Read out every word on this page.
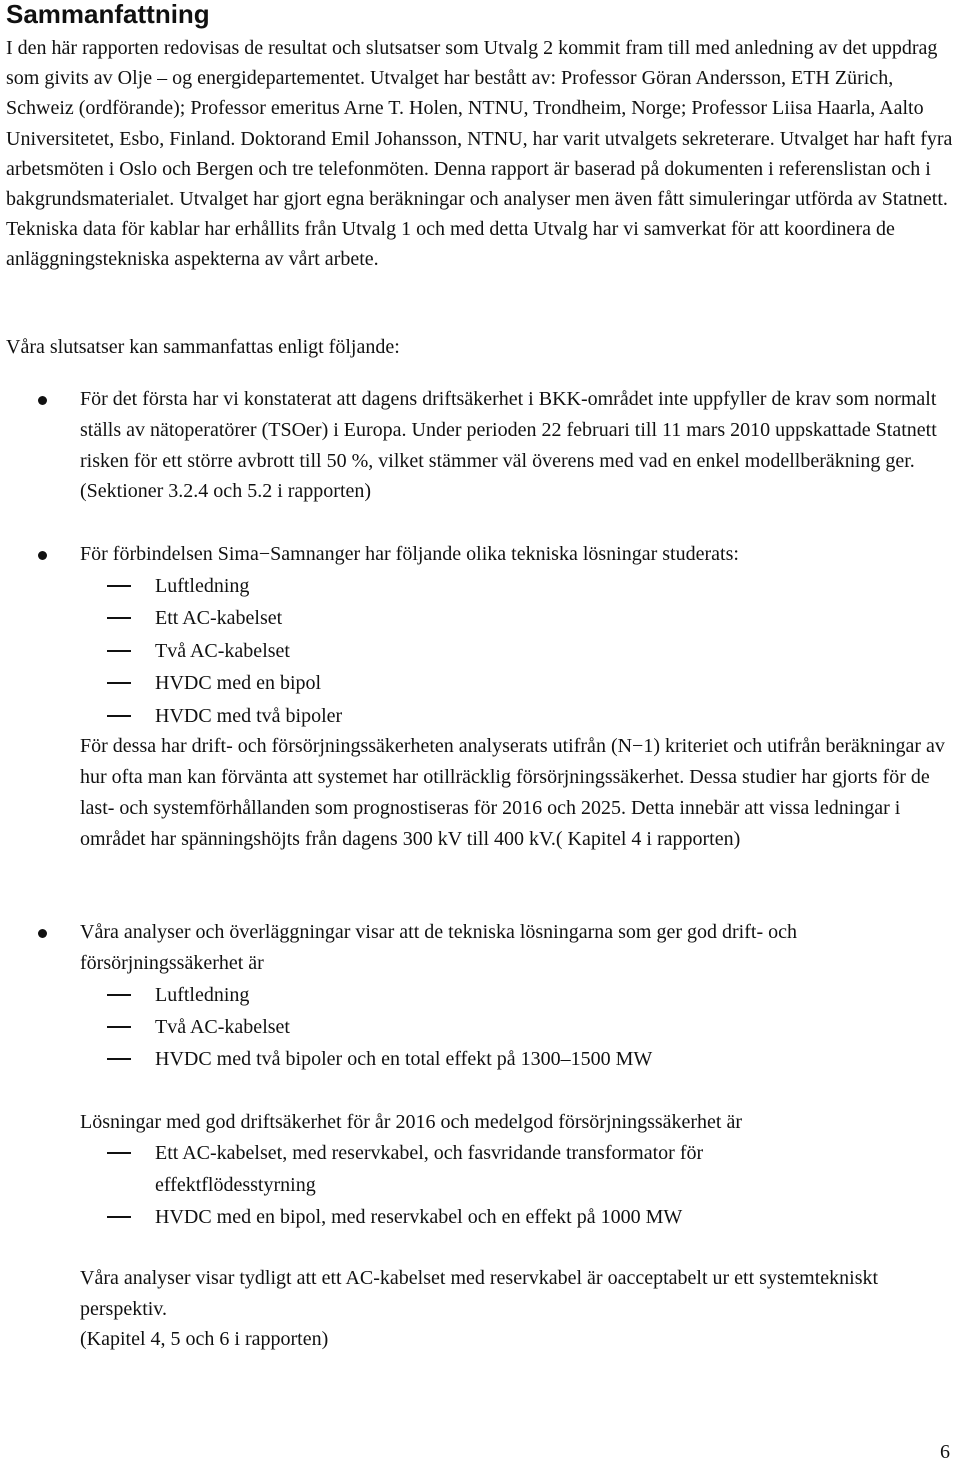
Sammanfattning

I den här rapporten redovisas de resultat och slutsatser som Utvalg 2 kommit fram till med anledning av det uppdrag som givits av Olje – og energidepartementet. Utvalget har bestått av: Professor Göran Andersson, ETH Zürich, Schweiz (ordförande); Professor emeritus Arne T. Holen, NTNU, Trondheim, Norge; Professor Liisa Haarla, Aalto Universitetet, Esbo, Finland. Doktorand Emil Johansson, NTNU, har varit utvalgets sekreterare. Utvalget har haft fyra arbetsmöten i Oslo och Bergen och tre telefonmöten. Denna rapport är baserad på dokumenten i referenslistan och i bakgrundsmaterialet. Utvalget har gjort egna beräkningar och analyser men även fått simuleringar utförda av Statnett. Tekniska data för kablar har erhållits från Utvalg 1 och med detta Utvalg har vi samverkat för att koordinera de anläggningstekniska aspekterna av vårt arbete.

Våra slutsatser kan sammanfattas enligt följande:

För det första har vi konstaterat att dagens driftsäkerhet i BKK-området inte uppfyller de krav som normalt ställs av nätoperatörer (TSOer) i Europa. Under perioden 22 februari till 11 mars 2010 uppskattade Statnett risken för ett större avbrott till 50 %, vilket stämmer väl överens med vad en enkel modellberäkning ger. (Sektioner 3.2.4 och 5.2 i rapporten)

För förbindelsen Sima−Samnanger har följande olika tekniska lösningar studerats:

Luftledning
Ett AC-kabelset
Två AC-kabelset
HVDC med en bipol
HVDC med två bipoler

För dessa har drift- och försörjningssäkerheten analyserats utifrån (N−1) kriteriet och utifrån beräkningar av hur ofta man kan förvänta att systemet har otillräcklig försörjningssäkerhet. Dessa studier har gjorts för de last- och systemförhållanden som prognostiseras för 2016 och 2025. Detta innebär att vissa ledningar i området har spänningshöjts från dagens 300 kV till 400 kV.( Kapitel 4 i rapporten)

Våra analyser och överläggningar visar att de tekniska lösningarna som ger god drift- och försörjningssäkerhet är

Luftledning
Två AC-kabelset
HVDC med två bipoler och en total effekt på 1300–1500 MW

Lösningar med god driftsäkerhet för år 2016 och medelgod försörjningssäkerhet är

Ett AC-kabelset, med reservkabel, och fasvridande transformator för effektflödesstyrning
HVDC med en bipol, med reservkabel och en effekt på 1000 MW

Våra analyser visar tydligt att ett AC-kabelset med reservkabel är oacceptabelt ur ett systemtekniskt perspektiv.

(Kapitel 4, 5 och 6 i rapporten)

6
